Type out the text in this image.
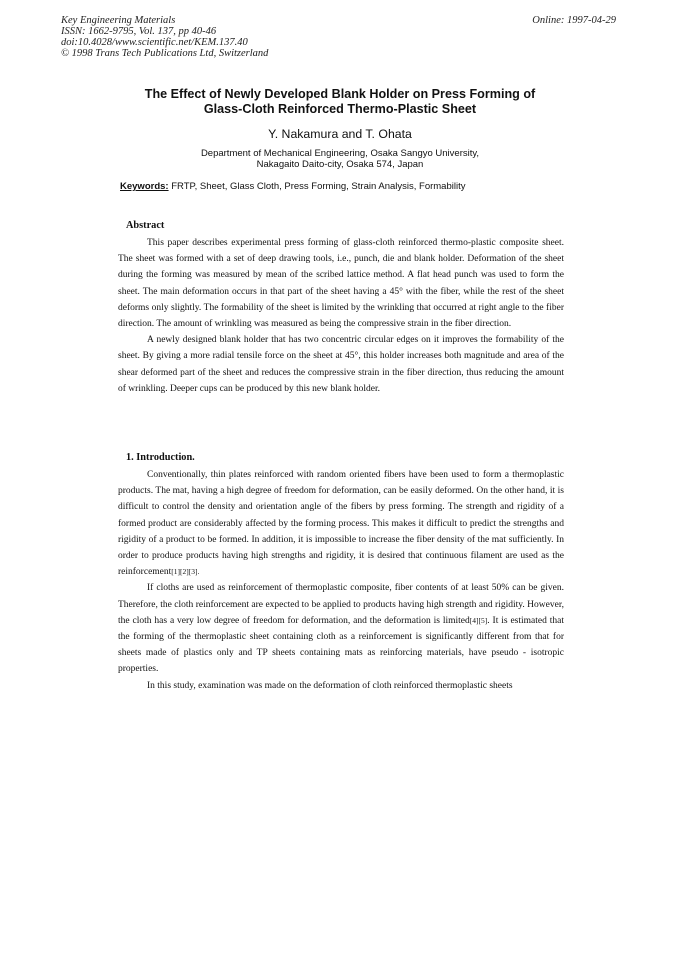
Key Engineering Materials
ISSN: 1662-9795, Vol. 137, pp 40-46
doi:10.4028/www.scientific.net/KEM.137.40
© 1998 Trans Tech Publications Ltd, Switzerland
Online: 1997-04-29
The Effect of Newly Developed Blank Holder on Press Forming of
Glass-Cloth Reinforced Thermo-Plastic Sheet
Y. Nakamura and T. Ohata
Department of Mechanical Engineering, Osaka Sangyo University,
Nakagaito Daito-city, Osaka 574, Japan
Keywords: FRTP, Sheet, Glass Cloth, Press Forming, Strain Analysis, Formability
Abstract

This paper describes experimental press forming of glass-cloth reinforced thermo-plastic composite sheet. The sheet was formed with a set of deep drawing tools, i.e., punch, die and blank holder. Deformation of the sheet during the forming was measured by mean of the scribed lattice method. A flat head punch was used to form the sheet. The main deformation occurs in that part of the sheet having a 45° with the fiber, while the rest of the sheet deforms only slightly. The formability of the sheet is limited by the wrinkling that occurred at right angle to the fiber direction. The amount of wrinkling was measured as being the compressive strain in the fiber direction.

A newly designed blank holder that has two concentric circular edges on it improves the formability of the sheet. By giving a more radial tensile force on the sheet at 45°, this holder increases both magnitude and area of the shear deformed part of the sheet and reduces the compressive strain in the fiber direction, thus reducing the amount of wrinkling. Deeper cups can be produced by this new blank holder.

1. Introduction.

Conventionally, thin plates reinforced with random oriented fibers have been used to form a thermoplastic products. The mat, having a high degree of freedom for deformation, can be easily deformed. On the other hand, it is difficult to control the density and orientation angle of the fibers by press forming. The strength and rigidity of a formed product are considerably affected by the forming process. This makes it difficult to predict the strengths and rigidity of a product to be formed. In addition, it is impossible to increase the fiber density of the mat sufficiently. In order to produce products having high strengths and rigidity, it is desired that continuous filament are used as the reinforcement[1][2][3].

If cloths are used as reinforcement of thermoplastic composite, fiber contents of at least 50% can be given. Therefore, the cloth reinforcement are expected to be applied to products having high strength and rigidity. However, the cloth has a very low degree of freedom for deformation, and the deformation is limited[4][5]. It is estimated that the forming of the thermoplastic sheet containing cloth as a reinforcement is significantly different from that for sheets made of plastics only and TP sheets containing mats as reinforcing materials, have pseudo - isotropic properties.

In this study, examination was made on the deformation of cloth reinforced thermoplastic sheets
